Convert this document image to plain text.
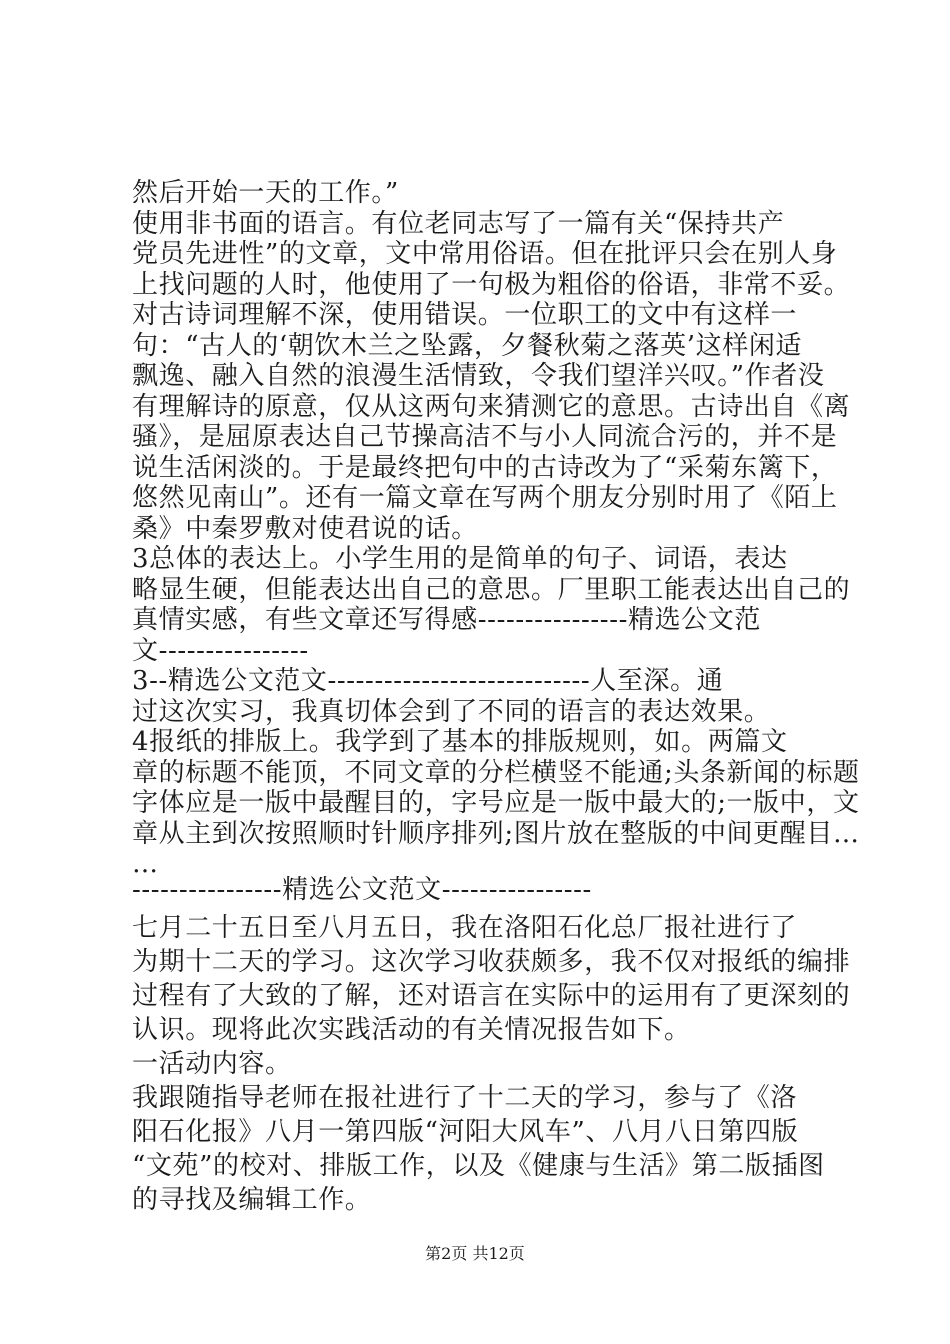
然后开始一天的工作。”
使用非书面的语言。有位老同志写了一篇有关“保持共产
党员先进性”的文章，文中常用俗语。但在批评只会在别人身
上找问题的人时，他使用了一句极为粗俗的俗语，非常不妥。
对古诗词理解不深，使用错误。一位职工的文中有这样一
句：“古人的‘朝饮木兰之坠露，夕餐秋菊之落英’这样闲适
飘逸、融入自然的浪漫生活情致，令我们望洋兴叹。”作者没
有理解诗的原意，仅从这两句来猜测它的意思。古诗出自《离
骚》，是屈原表达自己节操高洁不与小人同流合污的，并不是
说生活闲淡的。于是最终把句中的古诗改为了“采菊东篱下，
悠然见南山”。还有一篇文章在写两个朋友分别时用了《陌上
桑》中秦罗敷对使君说的话。
3总体的表达上。小学生用的是简单的句子、词语，表达
略显生硬，但能表达出自己的意思。厂里职工能表达出自己的
真情实感，有些文章还写得感----------------精选公文范
文----------------
3--精选公文范文----------------------------人至深。通
过这次实习，我真切体会到了不同的语言的表达效果。
4报纸的排版上。我学到了基本的排版规则，如。两篇文
章的标题不能顶，不同文章的分栏横竖不能通;头条新闻的标题
字体应是一版中最醒目的，字号应是一版中最大的;一版中，文
章从主到次按照顺时针顺序排列;图片放在整版的中间更醒目…
…
----------------精选公文范文----------------
七月二十五日至八月五日，我在洛阳石化总厂报社进行了
为期十二天的学习。这次学习收获颇多，我不仅对报纸的编排
过程有了大致的了解，还对语言在实际中的运用有了更深刻的
认识。现将此次实践活动的有关情况报告如下。
一活动内容。
我跟随指导老师在报社进行了十二天的学习，参与了《洛
阳石化报》八月一第四版“河阳大风车”、八月八日第四版
“文苑”的校对、排版工作，以及《健康与生活》第二版插图
的寻找及编辑工作。
第2页 共12页
